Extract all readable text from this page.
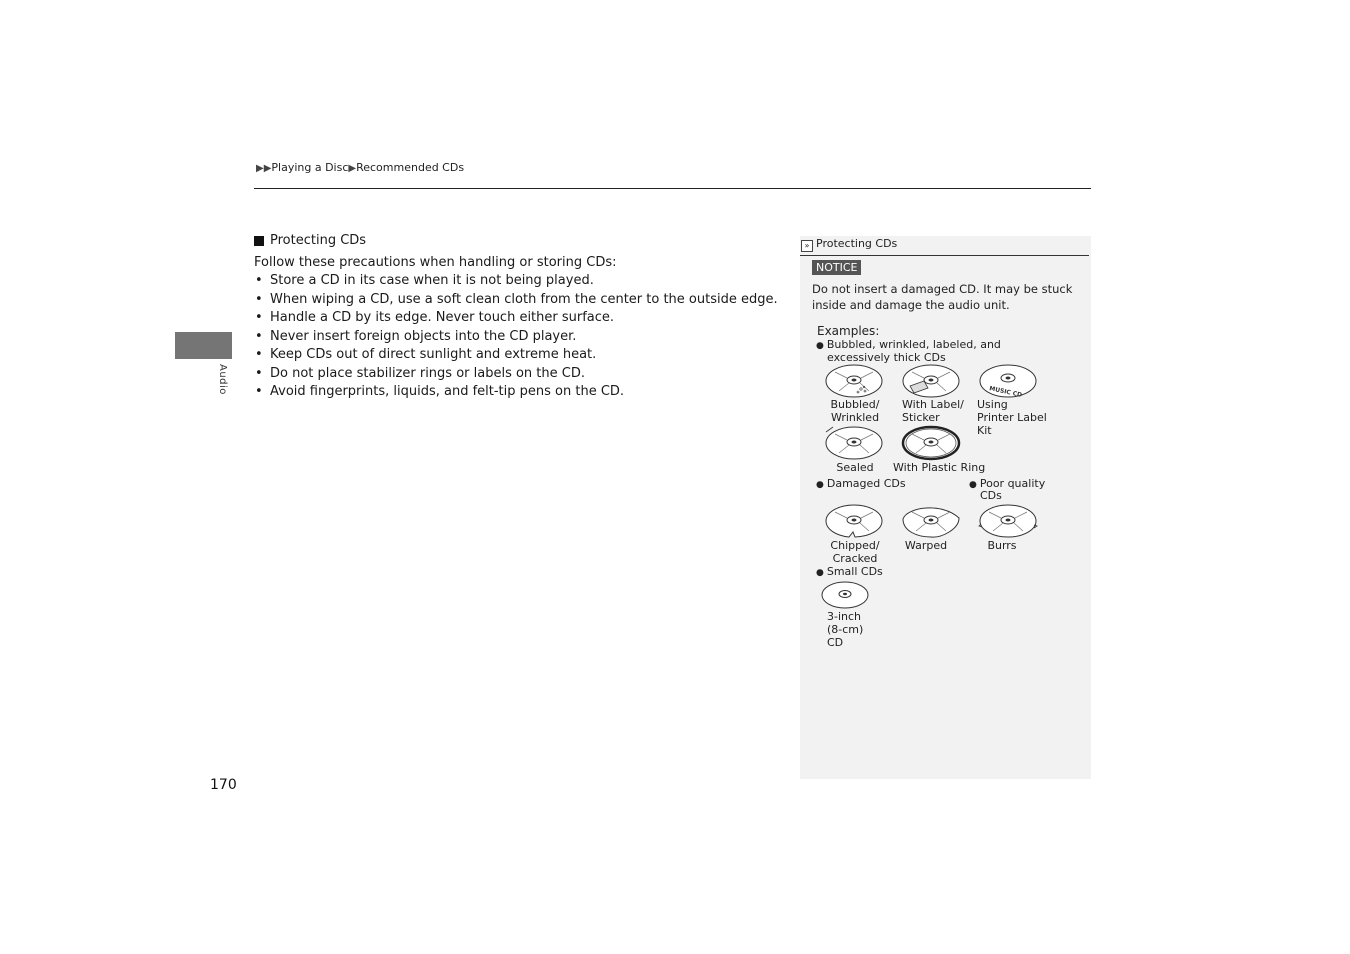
▶▶Playing a Disc▶Recommended CDs
Audio
170
Protecting CDs
Follow these precautions when handling or storing CDs:
• Store a CD in its case when it is not being played.
• When wiping a CD, use a soft clean cloth from the center to the outside edge.
• Handle a CD by its edge. Never touch either surface.
• Never insert foreign objects into the CD player.
• Keep CDs out of direct sunlight and extreme heat.
• Do not place stabilizer rings or labels on the CD.
• Avoid fingerprints, liquids, and felt-tip pens on the CD.
» Protecting CDs
NOTICE
Do not insert a damaged CD. It may be stuck inside and damage the audio unit.
Examples:
● Bubbled, wrinkled, labeled, and
excessively thick CDs
MUSIC CD
Bubbled/
Wrinkled
With Label/
Sticker
Using
Printer Label
Kit
Sealed	With Plastic Ring
● Damaged CDs	● Poor quality
CDs
Chipped/
Cracked
Warped	Burrs
● Small CDs
3-inch
(8-cm)
CD
